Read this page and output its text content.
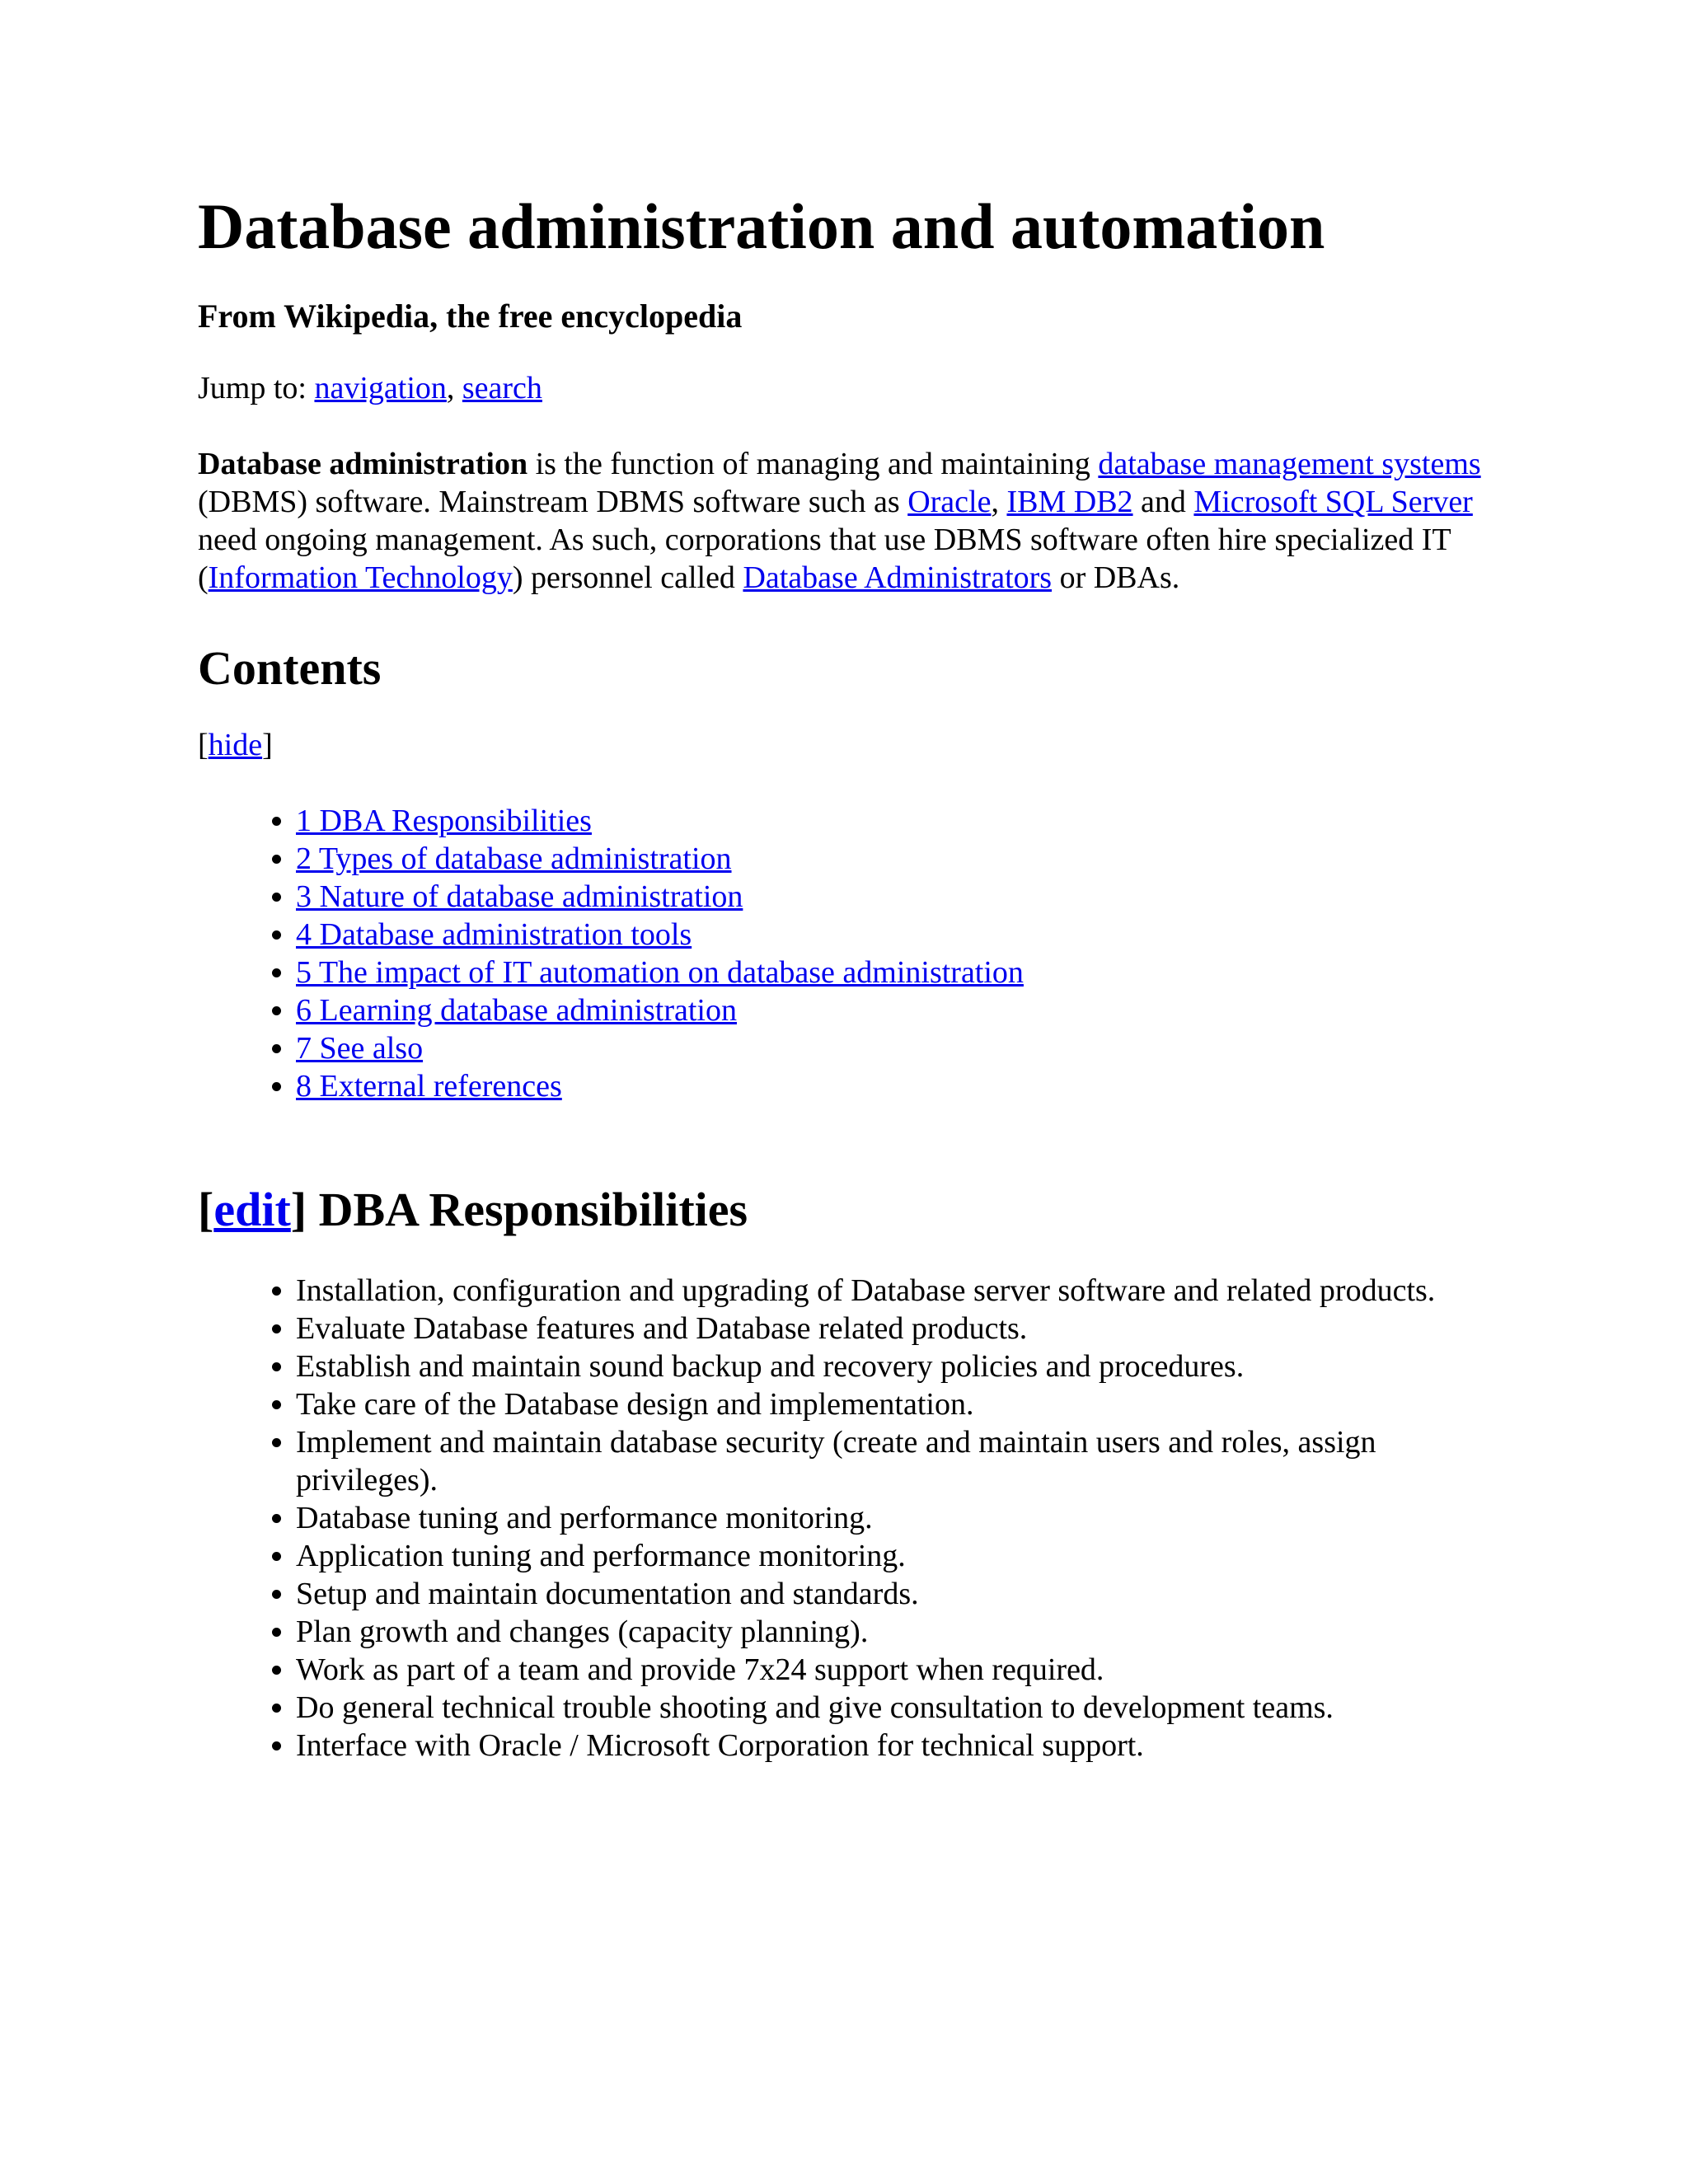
Database administration and automation
From Wikipedia, the free encyclopedia
Jump to: navigation, search
Database administration is the function of managing and maintaining database management systems (DBMS) software. Mainstream DBMS software such as Oracle, IBM DB2 and Microsoft SQL Server need ongoing management. As such, corporations that use DBMS software often hire specialized IT (Information Technology) personnel called Database Administrators or DBAs.
Contents
[hide]
• 1 DBA Responsibilities
• 2 Types of database administration
• 3 Nature of database administration
• 4 Database administration tools
• 5 The impact of IT automation on database administration
• 6 Learning database administration
• 7 See also
• 8 External references
[edit] DBA Responsibilities
• Installation, configuration and upgrading of Database server software and related products.
• Evaluate Database features and Database related products.
• Establish and maintain sound backup and recovery policies and procedures.
• Take care of the Database design and implementation.
• Implement and maintain database security (create and maintain users and roles, assign privileges).
• Database tuning and performance monitoring.
• Application tuning and performance monitoring.
• Setup and maintain documentation and standards.
• Plan growth and changes (capacity planning).
• Work as part of a team and provide 7x24 support when required.
• Do general technical trouble shooting and give consultation to development teams.
• Interface with Oracle / Microsoft Corporation for technical support.
